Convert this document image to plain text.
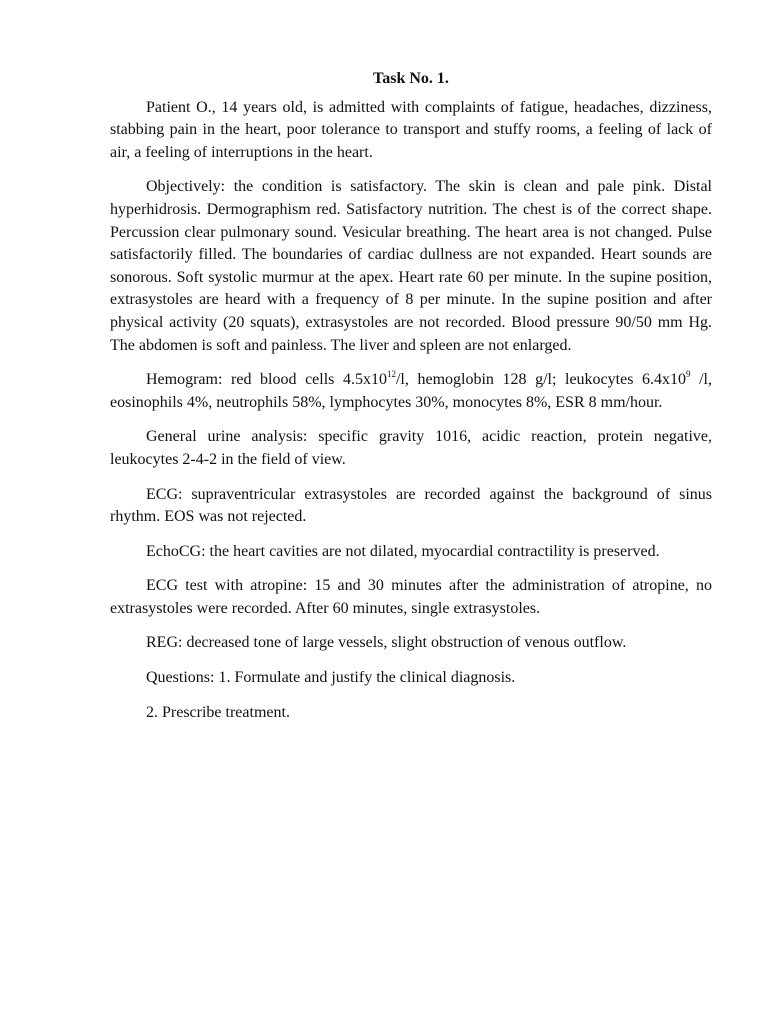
Task No. 1.

Patient O., 14 years old, is admitted with complaints of fatigue, headaches, dizziness, stabbing pain in the heart, poor tolerance to transport and stuffy rooms, a feeling of lack of air, a feeling of interruptions in the heart.

Objectively: the condition is satisfactory. The skin is clean and pale pink. Distal hyperhidrosis. Dermographism red. Satisfactory nutrition. The chest is of the correct shape. Percussion clear pulmonary sound. Vesicular breathing. The heart area is not changed. Pulse satisfactorily filled. The boundaries of cardiac dullness are not expanded. Heart sounds are sonorous. Soft systolic murmur at the apex. Heart rate 60 per minute. In the supine position, extrasystoles are heard with a frequency of 8 per minute. In the supine position and after physical activity (20 squats), extrasystoles are not recorded. Blood pressure 90/50 mm Hg. The abdomen is soft and painless. The liver and spleen are not enlarged.

Hemogram: red blood cells $4.5x10^{12}/l$, hemoglobin 128 g/l; leukocytes $6.4x10^9$ /l, eosinophils 4%, neutrophils 58%, lymphocytes 30%, monocytes 8%, ESR 8 mm/hour.

General urine analysis: specific gravity 1016, acidic reaction, protein negative, leukocytes 2-4-2 in the field of view.

ECG: supraventricular extrasystoles are recorded against the background of sinus rhythm. EOS was not rejected.

EchoCG: the heart cavities are not dilated, myocardial contractility is preserved.

ECG test with atropine: 15 and 30 minutes after the administration of atropine, no extrasystoles were recorded. After 60 minutes, single extrasystoles.

REG: decreased tone of large vessels, slight obstruction of venous outflow.

Questions: 1. Formulate and justify the clinical diagnosis.

2. Prescribe treatment.
